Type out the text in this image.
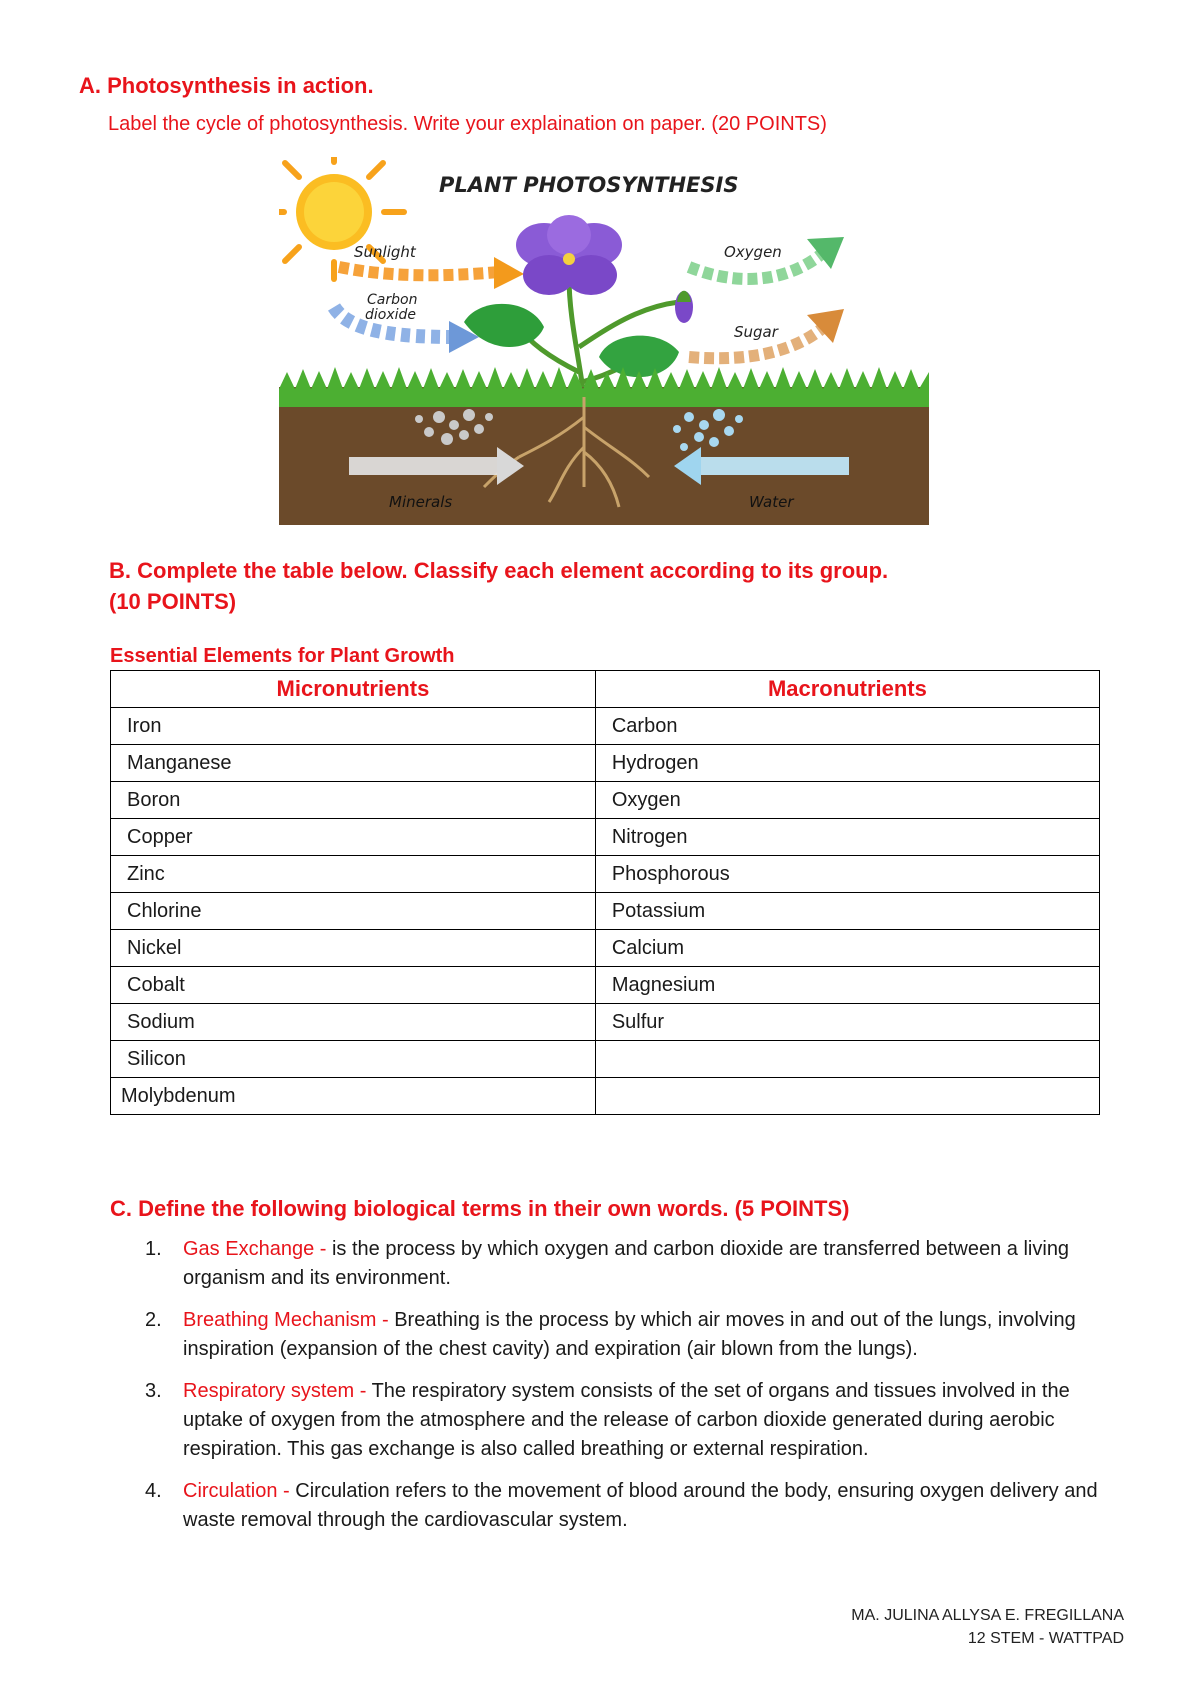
A. Photosynthesis in action.
Label the cycle of photosynthesis. Write your explaination on paper. (20 POINTS)
PLANT PHOTOSYNTHESIS
Sunlight
Carbon
dioxide
Oxygen
Sugar
Minerals	Water
B. Complete the table below. Classify each element according to its group.
(10 POINTS)
Essential Elements for Plant Growth
Micronutrients	Macronutrients
Iron	Carbon
Manganese	Hydrogen
Boron	Oxygen
Copper	Nitrogen
Zinc	Phosphorous
Chlorine	Potassium
Nickel	Calcium
Cobalt	Magnesium
Sodium	Sulfur
Silicon	
Molybdenum	
C. Define the following biological terms in their own words. (5 POINTS)
1. Gas Exchange - is the process by which oxygen and carbon dioxide are transferred between a living organism and its environment.
2. Breathing Mechanism - Breathing is the process by which air moves in and out of the lungs, involving inspiration (expansion of the chest cavity) and expiration (air blown from the lungs).
3. Respiratory system - The respiratory system consists of the set of organs and tissues involved in the uptake of oxygen from the atmosphere and the release of carbon dioxide generated during aerobic respiration. This gas exchange is also called breathing or external respiration.
4. Circulation - Circulation refers to the movement of blood around the body, ensuring oxygen delivery and waste removal through the cardiovascular system.
MA. JULINA ALLYSA E. FREGILLANA
12 STEM - WATTPAD
